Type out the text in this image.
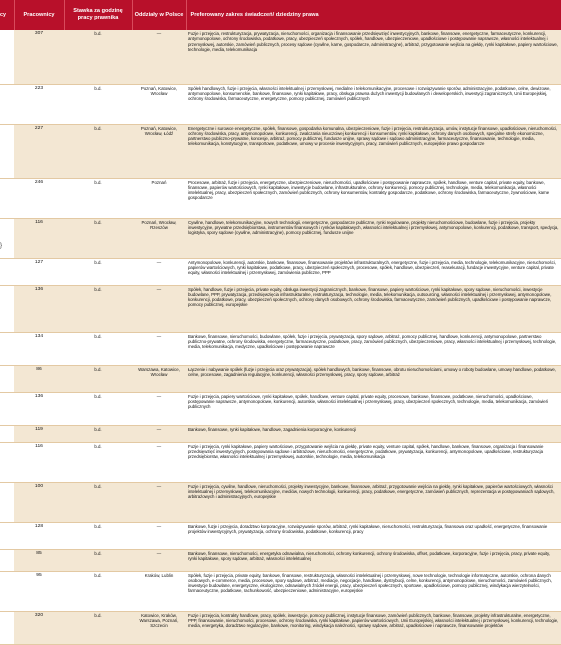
cy	Pracownicy	Stawka za godzinę pracy prawnika	Oddziały w Polsce	Preferowany zakres świadczeń/ dziedziny prawa
	307	b.d.	—	Fuzje i przejęcia, restrukturyzacja, prywatyzacja, nieruchomości, organizacja i finansowanie przedsięwzięć inwestycyjnych, bankowe, finansowe, energetyczne, farmaceutyczne, konkurencji, antymonopolowe, ochrony środowiska, podatkowe, pracy, ubezpieczeń społecznych, spółek, handlowe, ubezpieczeniowe, upadłościowe i postępowanie naprawcze, własności intelektualnej i przemysłowej, autorskie, zamówień publicznych, procesy sądowe (cywilne, karne, gospodarcze, administracyjne), arbitraż, przygotowanie wejścia na giełdę, rynki kapitałowe, papiery wartościowe, technologie, media, telekomunikacja
	223	b.d.	Poznań, Katowice, Wrocław	Spółek handlowych, fuzje i przejęcia, własności intelektualnej i przemysłowej, medialne i telekomunikacyjne, procesowe i rozwiązywanie sporów, administracyjne, podatkowe, celne, dewizowe, antymonopolowe, konsumenckie, bankowe, finansowe, rynki kapitałowe, pracy, obsługa prawna dużych inwestycji budowlanych i deweloperskich, inwestycji zagranicznych, Unii Europejskiej, ochrony środowiska, farmaceutyczne, energetyczne, pomocy publicznej, zamówień publicznych
	227	b.d.	Poznań, Katowice, Wrocław, Łódź	Energetyczne i surowce energetyczne, spółek, finansowe, gospodarka komunalna, ubezpieczeniowe, fuzje i przejęcia, restrukturyzacja, umów, instytucje finansowe, upadłościowe, nieruchomości, ochrony środowiska, pracy, antymonopolowe, konkurencji, zwalczania nieuczciwej konkurencji i konsumentów, rynki kapitałowe, ochrony danych osobowych, specjalne strefy ekonomiczne, partnerstwo publiczno-prywatne, koncesje, arbitraż, pomocy publicznej, fundusze unijne, sprawy sądowe i sądowo administracyjne, farmaceutyczne, finansowanie, technologie, media, telekomunikacja, konstytucyjne, transportowe, podatkowe, umowy w procesie inwestycyjnym, pracy, zamówień publicznych, europejskie prawo gospodarcze
	246	b.d.	Poznań	Procesowe, arbitraż, fuzje i przejęcia, energetyczne, ubezpieczeniowe, nieruchomości, upadłościowe i postępowanie naprawcze, spółek, handlowe, venture capital, private equity, bankowe, finansowe, papierów wartościowych, rynki kapitałowe, inwestycje budowlane, infrastrukturalne, ochrony konkurencji, pomocy publicznej, technologie, media, telekomunikacja, własności intelektualnej, pracy, ubezpieczeń społecznych, zamówień publicznych, ochrony konsumentów, kontrakty gospodarcze, podatkowe, ochrony środowiska, farmaceutyczne, żywnościowe, karne gospodarcze
	116	b.d.	Poznań, Wrocław, Rzeszów	Cywilne, handlowe, telekomunikacyjne, nowych technologii, energetyczne, gospodarcze publiczne, rynki regulowane, projekty nieruchomościowe, budowlane, fuzje i przejęcia, projekty inwestycyjne, prywatne przedsiębiorstwa, instrumentów finansowych i rynków kapitałowych, własności intelektualnej i przemysłowej, antymonopolowe, konkurencji, podatkowe, transport, spedycja, logistyka, spory sądowe (cywilne, administracyjne), pomocy publicznej, fundusze unijne
	127	b.d.	—	Antymonopolowe, konkurencji, autorskie, bankowe, finansowe, finansowanie projektów infrastrukturalnych, energetyczne, fuzje i przejęcia, media, technologie, telekomunikacyjne, nieruchomości, papierów wartościowych, rynki kapitałowe, podatkowe, pracy, ubezpieczeń społecznych, procesowe, spółek, handlowe, ubezpieczeń, reasekuracji, fundacje inwestycyjne, venture capital, private equity, własności intelektualnej i przemysłowej, zamówienia publiczne, PPP
	136	b.d.	—	Spółek, handlowe, fuzje i przejęcia, private equity, obsługa inwestycji zagranicznych, bankowe, finansowe, papiery wartościowe, rynki kapitałowe, spory sądowe, nieruchomości, inwestycje budowlane, PPP, prywatyzacja, przedsięwzięcia infrastrukturalne, restrukturyzacja, technologie, media, telekomunikacja, outsourcing, własności intelektualnej i przemysłowej, antymonopolowe, konkurencji, podatkowe, pracy, ubezpieczeń społecznych, ochrony danych osobowych, ochrony środowiska, farmaceutyczne, zamówień publicznych, upadłościowe i postępowanie naprawcze, pomocy publicznej, europejskie
	134	b.d.	—	Bankowe, finansowe, nieruchomości, budowlane, spółek, fuzje i przejęcia, prywatyzacja, spory sądowe, arbitraż, pomocy publicznej, handlowe, konkurencji, antymonopolowe, partnerstwo publiczno-prywatne, ochrony środowiska, energetyczne, farmaceutyczne, podatkowe, pracy, zamówień publicznych, ubezpieczeniowe, pracy, własności intelektualnej i przemysłowej, technologie, media, telekomunikacja, medyczne, upadłościowe i postępowanie naprawcze
	86	b.d.	Warszawa, Katowice, Wrocław	Łączenie i nabywanie spółek (fuzje i przejęcia oraz prywatyzacja), spółek handlowych, bankowe, finansowe, obrotu nieruchomościami, umowy o roboty budowlane, umowy handlowe, podatkowe, celne, procesowe, zagadnienia regulacyjne, konkurencji, własności przemysłowej, pracy, spory sądowe, arbitraż
	136	b.d.	—	Fuzje i przejęcia, papiery wartościowe, rynki kapitałowe, spółek, handlowe, venture capital, private equity, procesowe, bankowe, finansowe, podatkowe, nieruchomości, upadłościowe, postępowanie naprawcze, antymonopolowe, konkurencji, autorskie, własności intelektualnej i przemysłowej, pracy, ubezpieczeń społecznych, technologie, media, telekomunikacja, zamówień publicznych
	119	b.d.	—	Bankowe, finansowe, rynki kapitałowe, handlowe, zagadnienia korporacyjne, konkurencji
	116	b.d.	—	Fuzje i przejęcia, rynki kapitałowe, papiery wartościowe, przygotowanie wejścia na giełdę, private equity, venture capital, spółek, handlowe, bankowe, finansowe, organizacja i finansowanie przedsięwzięć inwestycyjnych, postępowania sądowe i arbitrażowe, nieruchomości, energetyczne, podatkowe, prywatyzacja, konkurencji, antymonopolowe, upadłościowe, restrukturyzacja przedsiębiorstw, własności intelektualnej i przemysłowej, autorskie, technologie, media, telekomunikacja
	100	b.d.	—	Fuzje i przejęcia, cywilne, handlowe, nieruchomości, projekty inwestycyjne, bankowe, finansowe, arbitraż, przygotowanie wejścia na giełdę, rynki kapitałowe, papierów wartościowych, własności intelektualnej i przemysłowej, telekomunikacyjne, mediów, nowych technologii, konkurencji, pracy, podatkowe, energetyczne, zamówień publicznych, reprezentacja w postępowaniach sądowych, arbitrażowych i administracyjnych, europejskie
	128	b.d.	—	Bankowe, fuzje i przejęcia, doradztwo korporacyjne, rozwiązywanie sporów, arbitraż, rynki kapitałowe, nieruchomości, restrukturyzacja, finansowa oraz upadłość, energetyczne, finansowanie projektów inwestycyjnych, prywatyzacja, ochrony środowiska, podatkowe, konkurencji, pracy
	85	b.d.	—	Bankowe, finansowe, nieruchomości, energetyka odnawialna, nieruchomości, ochrony konkurencji, ochrony środowiska, offset, podatkowe, korporacyjne, fuzje i przejęcia, pracy, private equity, rynki kapitałowe, spory sądowe, arbitraż, własności intelektualnej
	95	b.d.	Kraków, Lublin	Spółek, fuzje i przejęcia, private equity, bankowe, finansowe, restrukturyzacja, własności intelektualnej i przemysłowej, nowe technologie, technologie informatyczne, autorskie, ochrona danych osobowych, e-commerce, media, procesowe, spory sądowe, arbitraż, mediacje, negocjacje, handlowe, dystrybucji, celne, konkurencji, antymonopolowe, nieruchomości, zamówień publicznych, inwestycje budowlane, energetyczne, ekologiczne, odnawialnych źródeł energii, pracy, ubezpieczeń społecznych, sportowe, upadłościowe, pomocy publicznej, windykacja wierzytelności, farmaceutyczne, podatkowe, rachunkowość, ubezpieczeniowe, administracyjne, europejskie
	320	b.d.	Katowice, Kraków, Warszawa, Poznań, Szczecin	Fuzje i przejęcia, kontrakty handlowe, pracy, spółek, inwestycje, pomocy publicznej, instytucje finansowe, zamówień publicznych, bankowe, finansowe, projekty infrastrukturalne, energetyczne, PPP, finansowanie, nieruchomości, procesowe, ochrony środowiska, rynki kapitałowe, papierów wartościowych, Unii Europejskiej, własności intelektualnej i przemysłowej, konkurencji, technologie, media, energetyka, doradztwo regulacyjne, bankowe, monitoring, windykacja należności, sprawy sądowe, arbitraż, upadłościowe i naprawcze, finansowanie projektów
}
